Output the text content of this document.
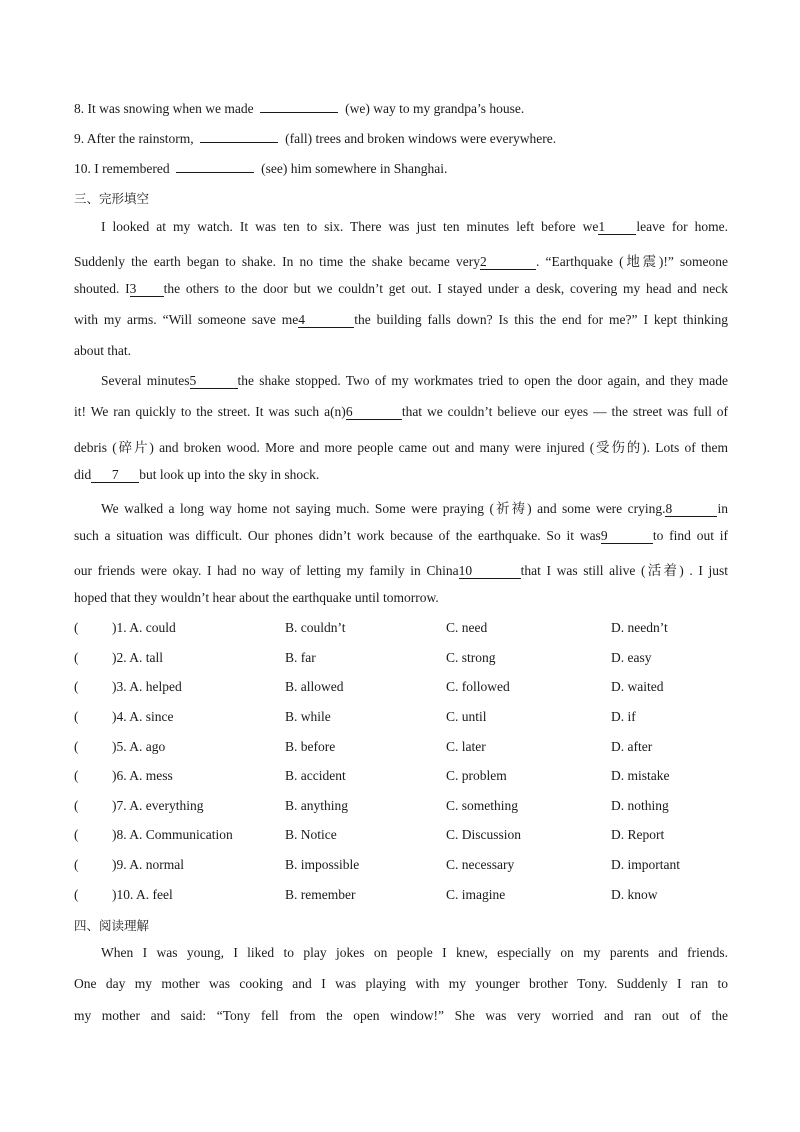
8. It was snowing when we made	(we) way to my grandpa’s house.
9. After the rainstorm,	(fall) trees and broken windows were everywhere.
10. I remembered	(see) him somewhere in Shanghai.
三、完形填空
I looked at my watch. It was ten to six. There was just ten minutes left before we1 leave for home.
Suddenly the earth began to shake. In no time the shake became very2	. “Earthquake (地震)!” someone
shouted. I3 the others to the door but we couldn’t get out. I stayed under a desk, covering my head and neck
with my arms. “Will someone save me4	the building falls down? Is this the end for me?” I kept thinking
about that.
Several minutes5	the shake stopped. Two of my workmates tried to open the door again, and they made
it! We ran quickly to the street. It was such a(n)6	that we couldn’t believe our eyes — the street was full of
debris (碎片) and broken wood. More and more people came out and many were injured (受伤的). Lots of them
did 7 but look up into the sky in shock.
We walked a long way home not saying much. Some were praying (祈祷) and some were crying.8	in
such a situation was difficult. Our phones didn’t work because of the earthquake. So it was9	to find out if
our friends were okay. I had no way of letting my family in China10	that I was still alive (活着) . I just
hoped that they wouldn’t hear about the earthquake until tomorrow.
( )1. A. could	B. couldn’t	C. need	D. needn’t
( )2. A. tall	B. far	C. strong	D. easy
( )3. A. helped	B. allowed	C. followed	D. waited
( )4. A. since	B. while	C. until	D. if
( )5. A. ago	B. before	C. later	D. after
( )6. A. mess	B. accident	C. problem	D. mistake
( )7. A. everything	B. anything	C. something	D. nothing
( )8. A. Communication	B. Notice	C. Discussion	D. Report
( )9. A. normal	B. impossible	C. necessary	D. important
( )10. A. feel	B. remember	C. imagine	D. know
四、阅读理解
When I was young, I liked to play jokes on people I knew, especially on my parents and friends.
One day my mother was cooking and I was playing with my younger brother Tony. Suddenly I ran to
my mother and said: “Tony fell from the open window!” She was very worried and ran out of the
